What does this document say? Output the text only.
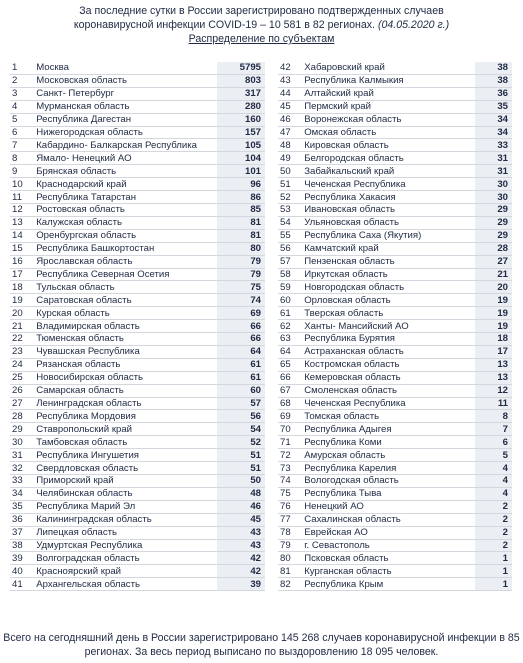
За последние сутки в России зарегистрировано подтвержденных случаев
коронавирусной инфекции COVID-19 – 10 581 в 82 регионах. (04.05.2020 г.)
Распределение по субъектам
1	Москва	5795
2	Московская область	803
3	Санкт- Петербург	317
4	Мурманская область	280
5	Республика Дагестан	160
6	Нижегородская область	157
7	Кабардино- Балкарская Республика	105
8	Ямало- Ненецкий АО	104
9	Брянская область	101
10	Краснодарский край	96
11	Республика Татарстан	86
12	Ростовская область	85
13	Калужская область	81
14	Оренбургская область	81
15	Республика Башкортостан	80
16	Ярославская область	79
17	Республика Северная Осетия	79
18	Тульская область	75
19	Саратовская область	74
20	Курская область	69
21	Владимирская область	66
22	Тюменская область	66
23	Чувашская Республика	64
24	Рязанская область	61
25	Новосибирская область	61
26	Самарская область	60
27	Ленинградская область	57
28	Республика Мордовия	56
29	Ставропольский край	54
30	Тамбовская область	52
31	Республика Ингушетия	51
32	Свердловская область	51
33	Приморский край	50
34	Челябинская область	48
35	Республика Марий Эл	46
36	Калининградская область	45
37	Липецкая область	43
38	Удмуртская Республика	43
39	Волгоградская область	42
40	Красноярский край	42
41	Архангельская область	39
42	Хабаровский край	38
43	Республика Калмыкия	38
44	Алтайский край	36
45	Пермский край	35
46	Воронежская область	34
47	Омская область	34
48	Кировская область	33
49	Белгородская область	31
50	Забайкальский край	31
51	Чеченская Республика	30
52	Республика Хакасия	30
53	Ивановская область	29
54	Ульяновская область	29
55	Республика Саха (Якутия)	29
56	Камчатский край	28
57	Пензенская область	27
58	Иркутская область	21
59	Новгородская область	20
60	Орловская область	19
61	Тверская область	19
62	Ханты- Мансийский АО	19
63	Республика Бурятия	18
64	Астраханская область	17
65	Костромская область	13
66	Кемеровская область	13
67	Смоленская область	12
68	Чеченская Республика	11
69	Томская область	8
70	Республика Адыгея	7
71	Республика Коми	6
72	Амурская область	5
73	Республика Карелия	4
74	Вологодская область	4
75	Республика Тыва	4
76	Ненецкий АО	2
77	Сахалинская область	2
78	Еврейская АО	2
79	г. Севастополь	2
80	Псковская область	1
81	Курганская область	1
82	Республика Крым	1
Всего на сегодняшний день в России зарегистрировано 145 268 случаев коронавирусной инфекции в 85
регионах. За весь период выписано по выздоровлению 18 095 человек.
